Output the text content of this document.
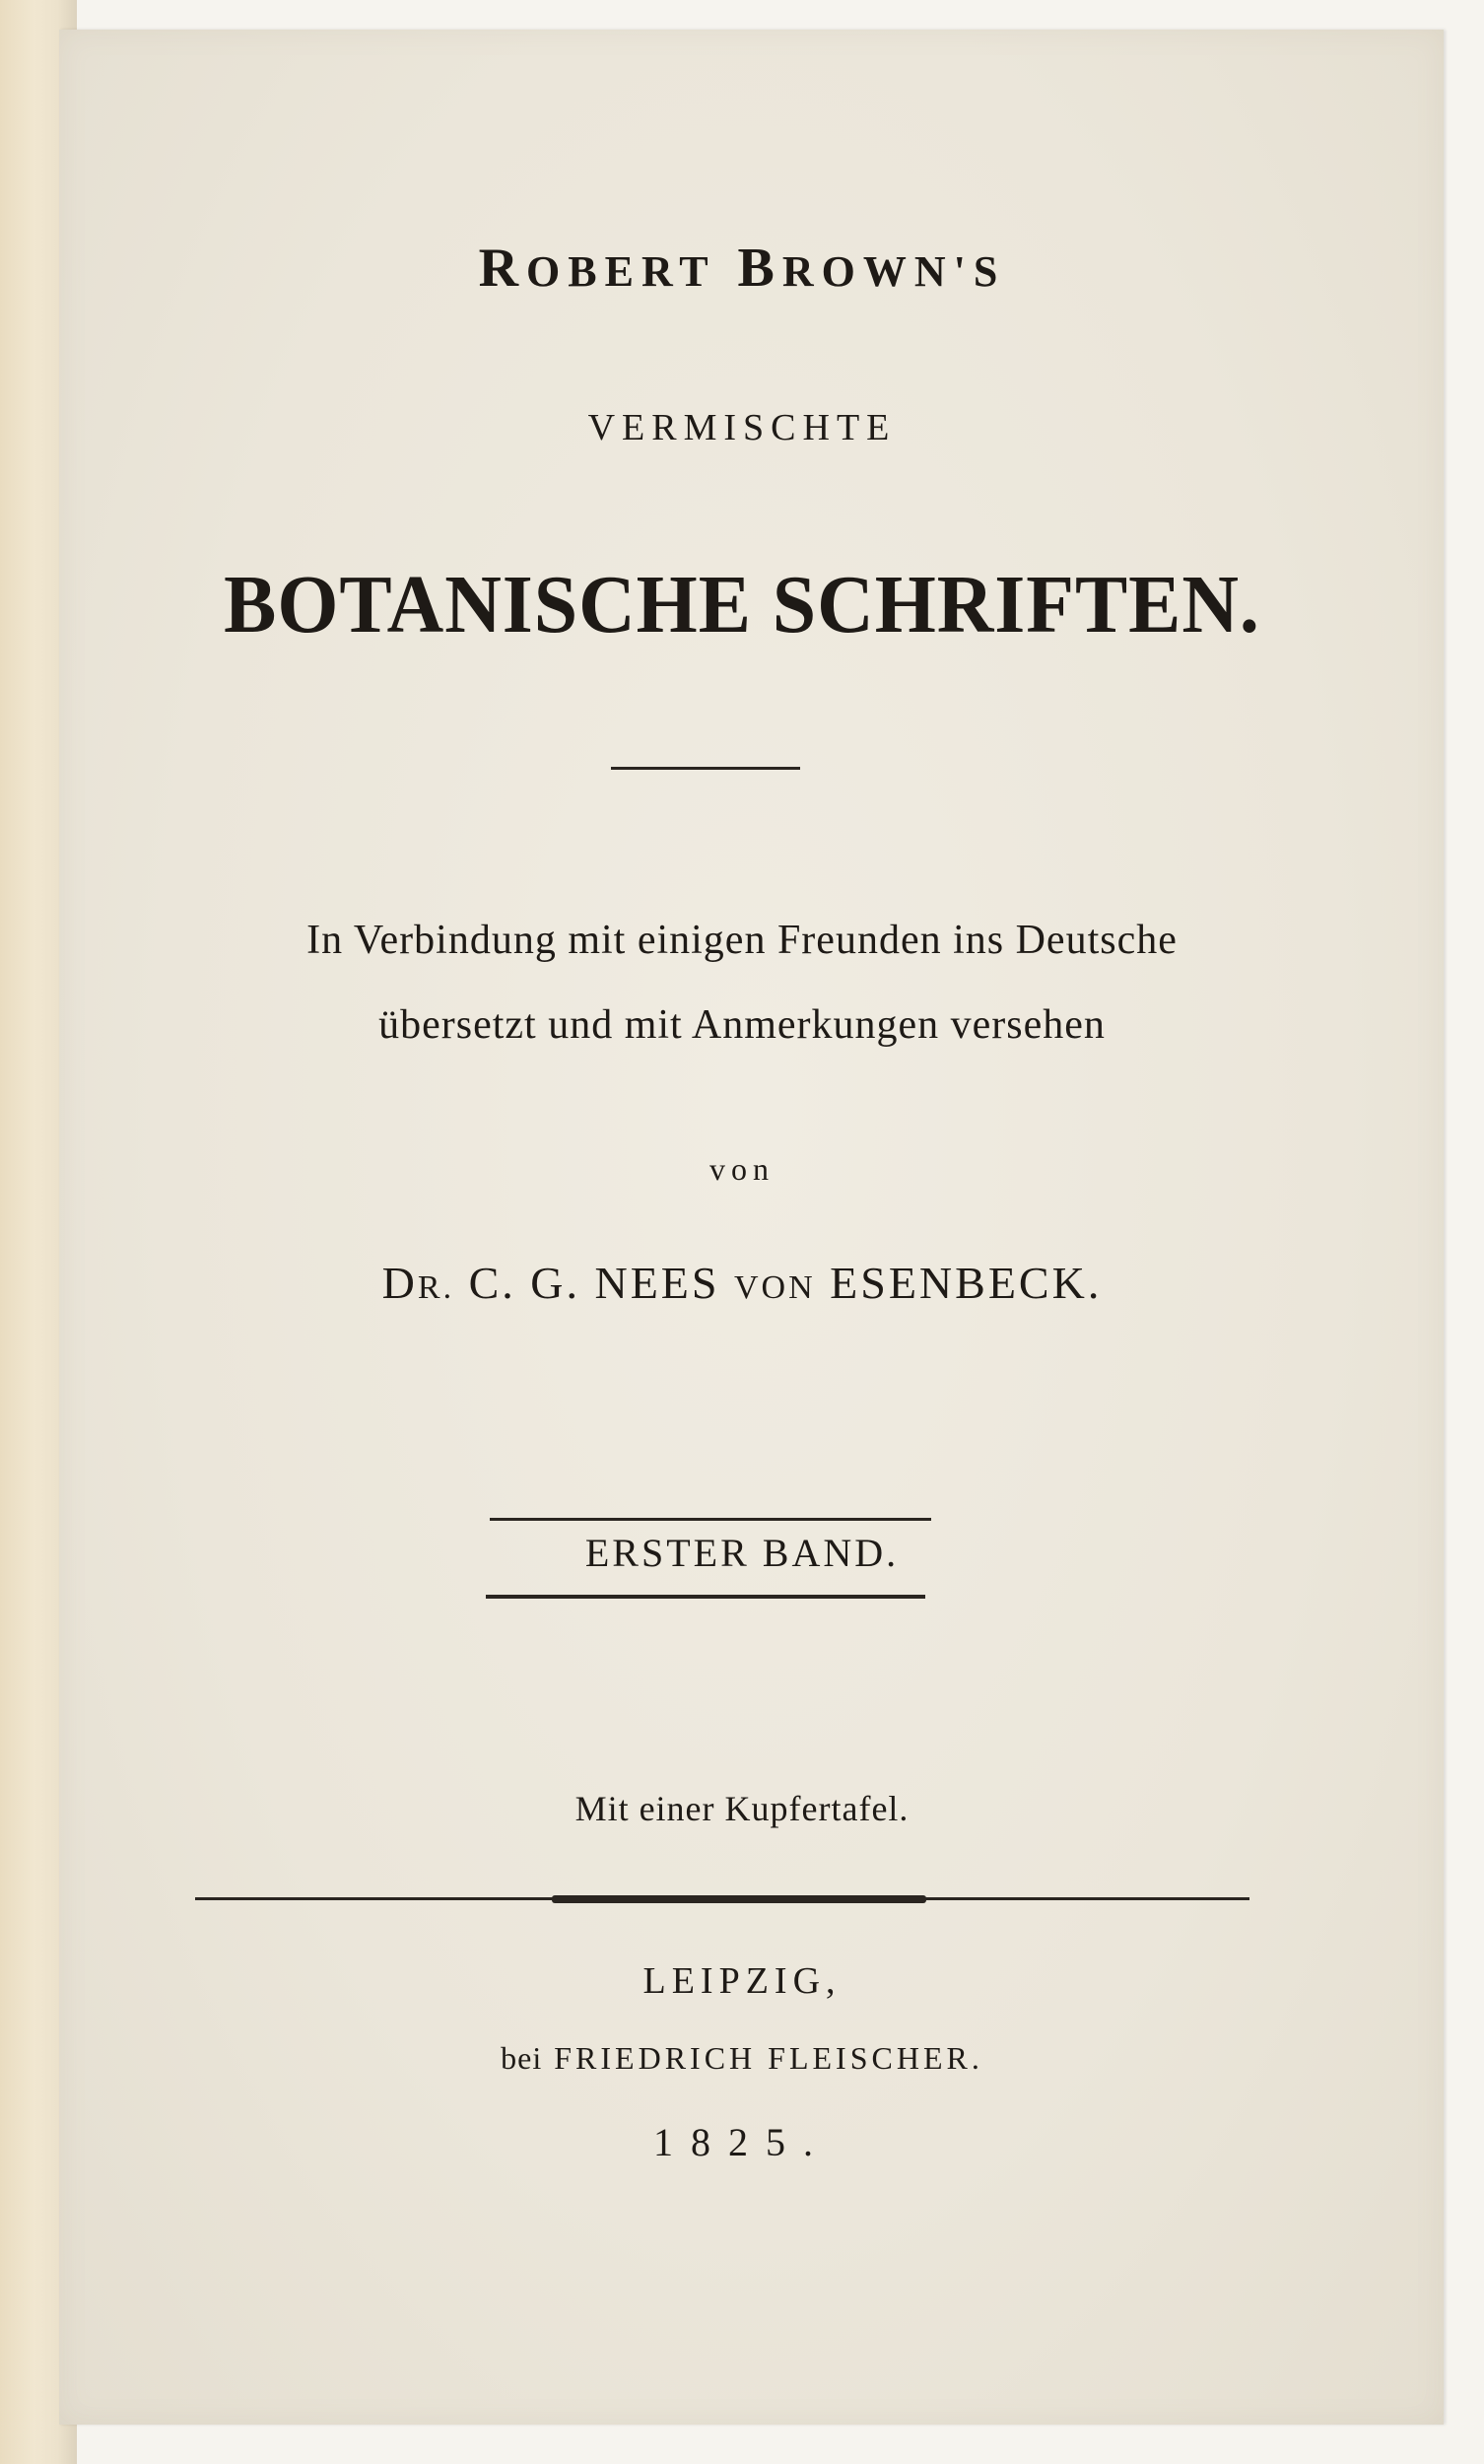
ROBERT BROWN'S
VERMISCHTE
BOTANISCHE SCHRIFTEN.
In Verbindung mit einigen Freunden ins Deutsche
übersetzt und mit Anmerkungen versehen
von
DR. C. G. NEES VON ESENBECK.
ERSTER BAND.
Mit einer Kupfertafel.
LEIPZIG,
bei FRIEDRICH FLEISCHER.
1825.
